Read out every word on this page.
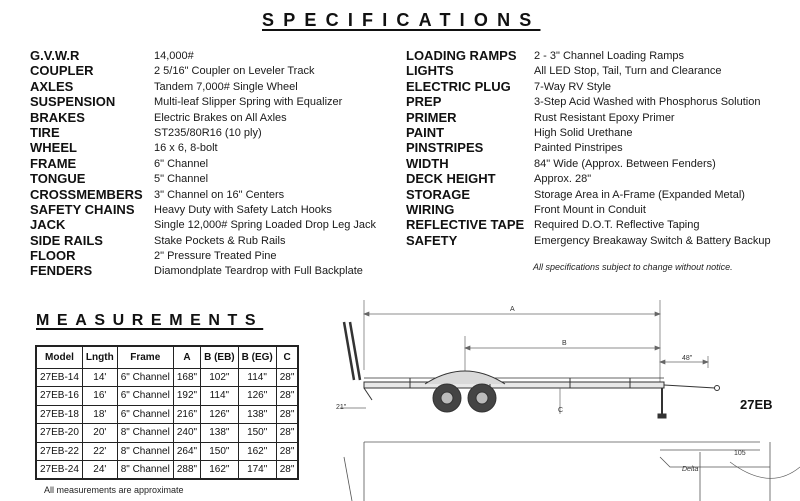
SPECIFICATIONS
G.V.W.R	14,000#
COUPLER	2 5/16" Coupler on Leveler Track
AXLES	Tandem 7,000# Single Wheel
SUSPENSION	Multi-leaf Slipper Spring with Equalizer
BRAKES	Electric Brakes on All Axles
TIRE	ST235/80R16 (10 ply)
WHEEL	16 x 6, 8-bolt
FRAME	6" Channel
TONGUE	5" Channel
CROSSMEMBERS 3" Channel on 16" Centers
SAFETY CHAINS Heavy Duty with Safety Latch Hooks
JACK	Single 12,000# Spring Loaded Drop Leg Jack
SIDE RAILS	Stake Pockets & Rub Rails
FLOOR	2" Pressure Treated Pine
FENDERS	Diamondplate Teardrop with Full Backplate
LOADING RAMPS 2 - 3" Channel Loading Ramps
LIGHTS	All LED Stop, Tail, Turn and Clearance
ELECTRIC PLUG 7-Way RV Style
PREP	3-Step Acid Washed with Phosphorus Solution
PRIMER	Rust Resistant Epoxy Primer
PAINT	High Solid Urethane
PINSTRIPES	Painted Pinstripes
WIDTH	84" Wide (Approx. Between Fenders)
DECK HEIGHT	Approx. 28"
STORAGE	Storage Area in A-Frame (Expanded Metal)
WIRING	Front Mount in Conduit
REFLECTIVE TAPE Required D.O.T. Reflective Taping
SAFETY	Emergency Breakaway Switch & Battery Backup
All specifications subject to change without notice.
MEASUREMENTS
Model	Lngth	Frame	A	B (EB)	B (EG)	C
27EB-14	14'	6" Channel	168"	102"	114"	28"
27EB-16	16'	6" Channel	192"	114"	126"	28"
27EB-18	18'	6" Channel	216"	126"	138"	28"
27EB-20	20'	8" Channel	240"	138"	150"	28"
27EB-22	22'	8" Channel	264"	150"	162"	28"
27EB-24	24'	8" Channel	288"	162"	174"	28"
All measurements are approximate
A
B
48"
C
21"
105
Delta
27EB
